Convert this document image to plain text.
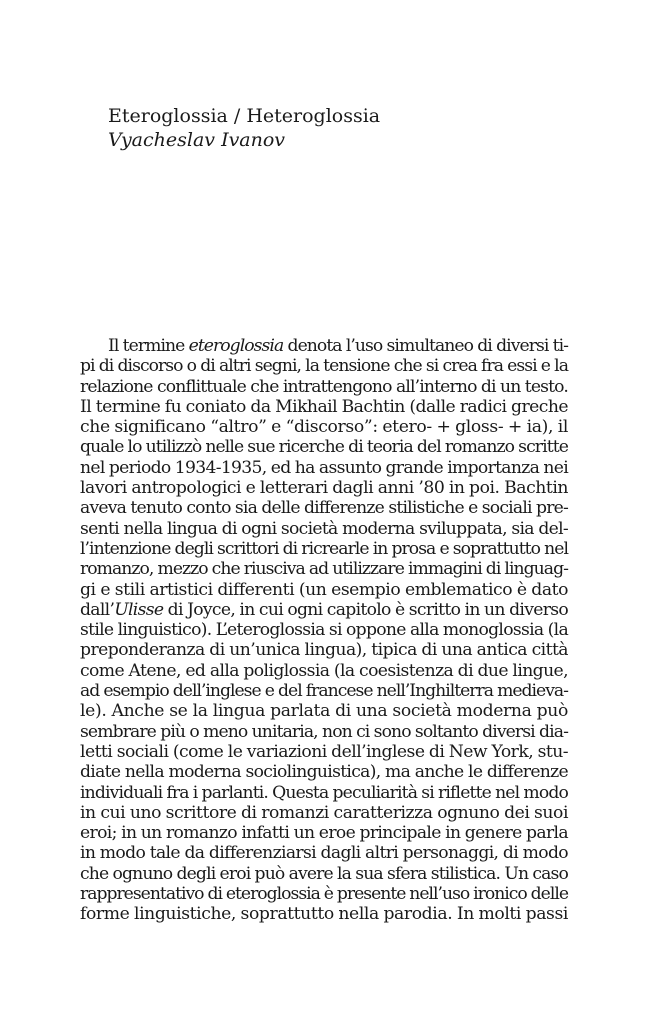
Eteroglossia / Heteroglossia
Vyacheslav Ivanov
Il termine eteroglossia denota l’uso simultaneo di diversi ti-
pi di discorso o di altri segni, la tensione che si crea fra essi e la
relazione conflittuale che intrattengono all’interno di un testo.
Il termine fu coniato da Mikhail Bachtin (dalle radici greche
che significano “altro” e “discorso”: etero- + gloss- + ia), il
quale lo utilizzò nelle sue ricerche di teoria del romanzo scritte
nel periodo 1934-1935, ed ha assunto grande importanza nei
lavori antropologici e letterari dagli anni ’80 in poi. Bachtin
aveva tenuto conto sia delle differenze stilistiche e sociali pre-
senti nella lingua di ogni società moderna sviluppata, sia del-
l’intenzione degli scrittori di ricrearle in prosa e soprattutto nel
romanzo, mezzo che riusciva ad utilizzare immagini di linguag-
gi e stili artistici differenti (un esempio emblematico è dato
dall’Ulisse di Joyce, in cui ogni capitolo è scritto in un diverso
stile linguistico). L’eteroglossia si oppone alla monoglossia (la
preponderanza di un’unica lingua), tipica di una antica città
come Atene, ed alla poliglossia (la coesistenza di due lingue,
ad esempio dell’inglese e del francese nell’Inghilterra medieva-
le). Anche se la lingua parlata di una società moderna può
sembrare più o meno unitaria, non ci sono soltanto diversi dia-
letti sociali (come le variazioni dell’inglese di New York, stu-
diate nella moderna sociolinguistica), ma anche le differenze
individuali fra i parlanti. Questa peculiarità si riflette nel modo
in cui uno scrittore di romanzi caratterizza ognuno dei suoi
eroi; in un romanzo infatti un eroe principale in genere parla
in modo tale da differenziarsi dagli altri personaggi, di modo
che ognuno degli eroi può avere la sua sfera stilistica. Un caso
rappresentativo di eteroglossia è presente nell’uso ironico delle
forme linguistiche, soprattutto nella parodia. In molti passi
